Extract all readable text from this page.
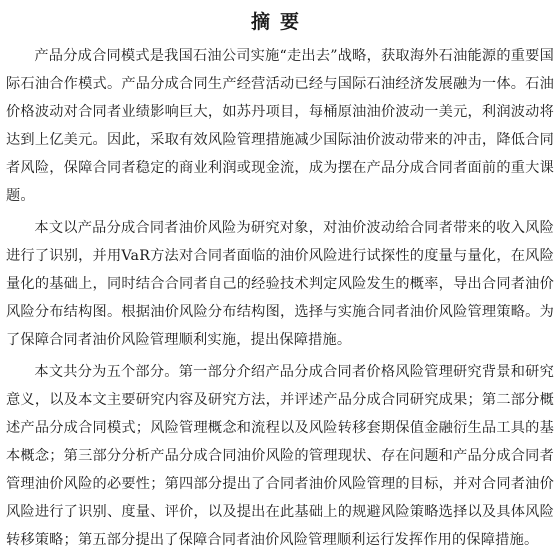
摘要

产品分成合同模式是我国石油公司实施“走出去”战略，获取海外石油能源的重要国际石油合作模式。产品分成合同生产经营活动已经与国际石油经济发展融为一体。石油价格波动对合同者业绩影响巨大，如苏丹项目，每桶原油油价波动一美元，利润波动将达到上亿美元。因此，采取有效风险管理措施减少国际油价波动带来的冲击，降低合同者风险，保障合同者稳定的商业利润或现金流，成为摆在产品分成合同者面前的重大课题。

本文以产品分成合同者油价风险为研究对象，对油价波动给合同者带来的收入风险进行了识别，并用VaR方法对合同者面临的油价风险进行试探性的度量与量化，在风险量化的基础上，同时结合合同者自己的经验技术判定风险发生的概率，导出合同者油价风险分布结构图。根据油价风险分布结构图，选择与实施合同者油价风险管理策略。为了保障合同者油价风险管理顺利实施，提出保障措施。

本文共分为五个部分。第一部分介绍产品分成合同者价格风险管理研究背景和研究意义，以及本文主要研究内容及研究方法，并评述产品分成合同研究成果；第二部分概述产品分成合同模式；风险管理概念和流程以及风险转移套期保值金融衍生品工具的基本概念；第三部分分析产品分成合同油价风险的管理现状、存在问题和产品分成合同者管理油价风险的必要性；第四部分提出了合同者油价风险管理的目标，并对合同者油价风险进行了识别、度量、评价，以及提出在此基础上的规避风险策略选择以及具体风险转移策略；第五部分提出了保障合同者油价风险管理顺利运行发挥作用的保障措施。
